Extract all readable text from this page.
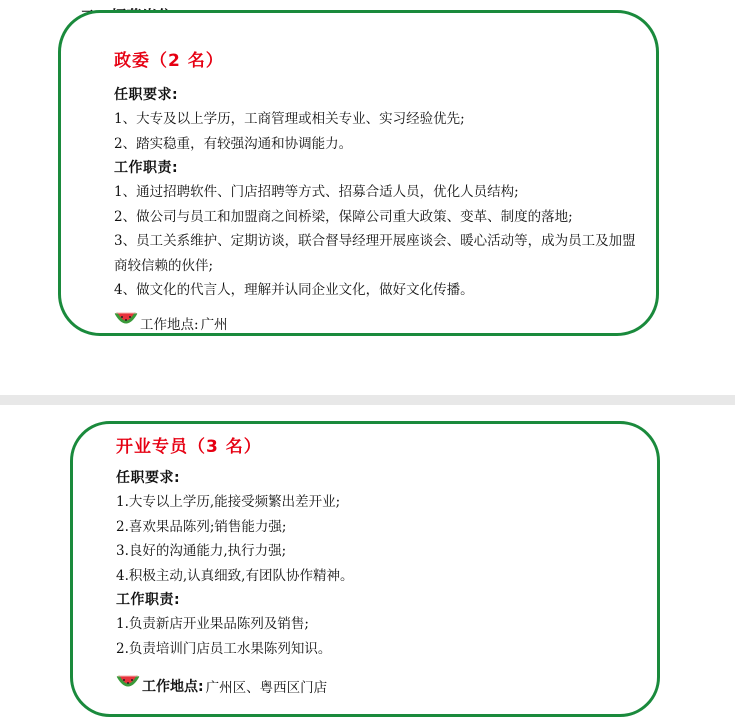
政委（2 名）
任职要求:
1、大专及以上学历，工商管理或相关专业、实习经验优先;
2、踏实稳重，有较强沟通和协调能力。
工作职责:
1、通过招聘软件、门店招聘等方式、招募合适人员，优化人员结构;
2、做公司与员工和加盟商之间桥梁，保障公司重大政策、变革、制度的落地;
3、员工关系维护、定期访谈，联合督导经理开展座谈会、暖心活动等，成为员工及加盟商较信赖的伙伴;
4、做文化的代言人，理解并认同企业文化，做好文化传播。
工作地点: 广州
开业专员（3 名）
任职要求:
1.大专以上学历,能接受频繁出差开业;
2.喜欢果品陈列;销售能力强;
3.良好的沟通能力,执行力强;
4.积极主动,认真细致,有团队协作精神。
工作职责:
1.负责新店开业果品陈列及销售;
2.负责培训门店员工水果陈列知识。
工作地点: 广州区、粤西区门店
